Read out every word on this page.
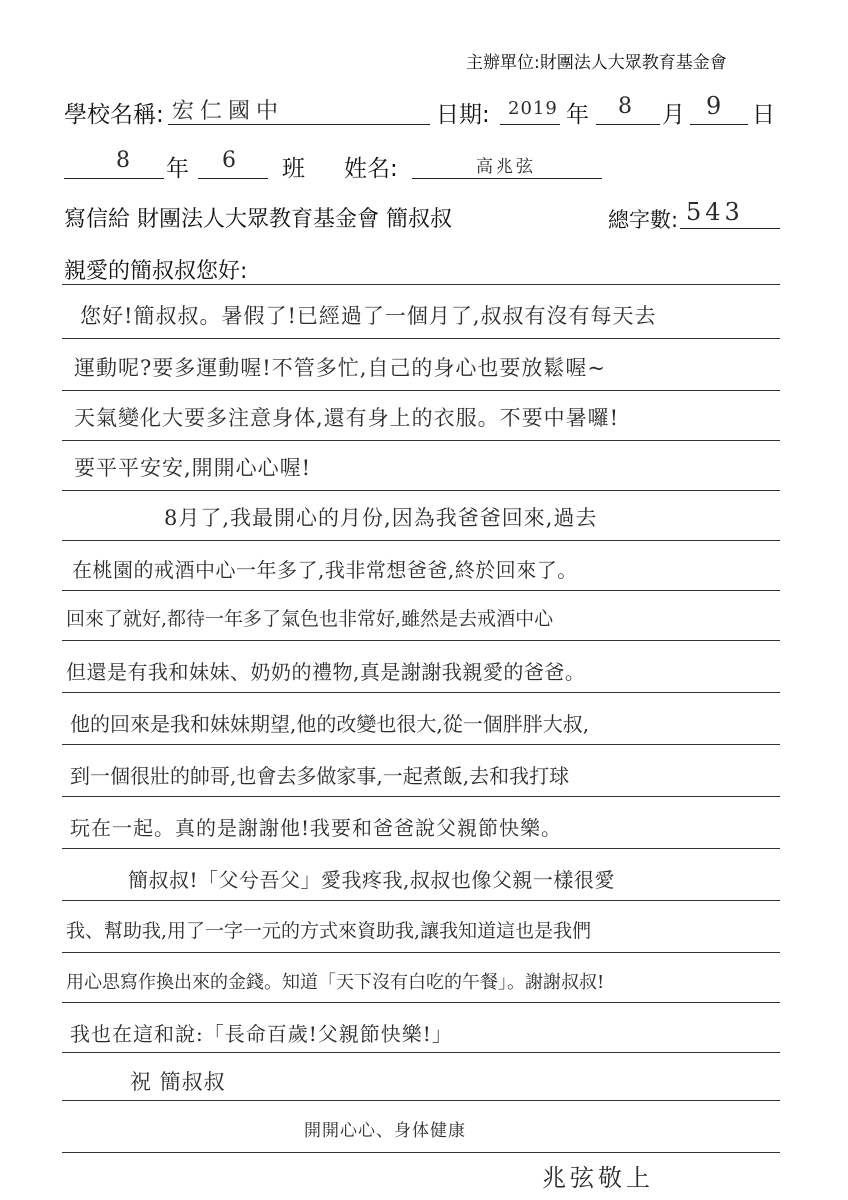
主辦單位:財團法人大眾教育基金會
學校名稱: 宏仁國中	日期: 2019 年 8 月 9 日
8 年 6 班 姓名:	高兆弦
寫信給 財團法人大眾教育基金會 簡叔叔	總字數: 543
親愛的簡叔叔您好:
您好!簡叔叔。暑假了!已經過了一個月了,叔叔有沒有每天去
運動呢?要多運動喔!不管多忙,自己的身心也要放鬆喔~
天氣變化大要多注意身体,還有身上的衣服。不要中暑囉!
要平平安安,開開心心喔!
8月了,我最開心的月份,因為我爸爸回來,過去
在桃園的戒酒中心一年多了,我非常想爸爸,終於回來了。
回來了就好,都待一年多了氣色也非常好,雖然是去戒酒中心
但還是有我和妹妹、奶奶的禮物,真是謝謝我親愛的爸爸。
他的回來是我和妹妹期望,他的改變也很大,從一個胖胖大叔,
到一個很壯的帥哥,也會去多做家事,一起煮飯,去和我打球
玩在一起。真的是謝謝他!我要和爸爸說父親節快樂。
簡叔叔!「父兮吾父」愛我疼我,叔叔也像父親一樣很愛
我、幫助我,用了一字一元的方式來資助我,讓我知道這也是我們
用心思寫作換出來的金錢。知道「天下沒有白吃的午餐」。謝謝叔叔!
我也在這和說:「長命百歲!父親節快樂!」
祝 簡叔叔
開開心心、身体健康
兆弦敬上
